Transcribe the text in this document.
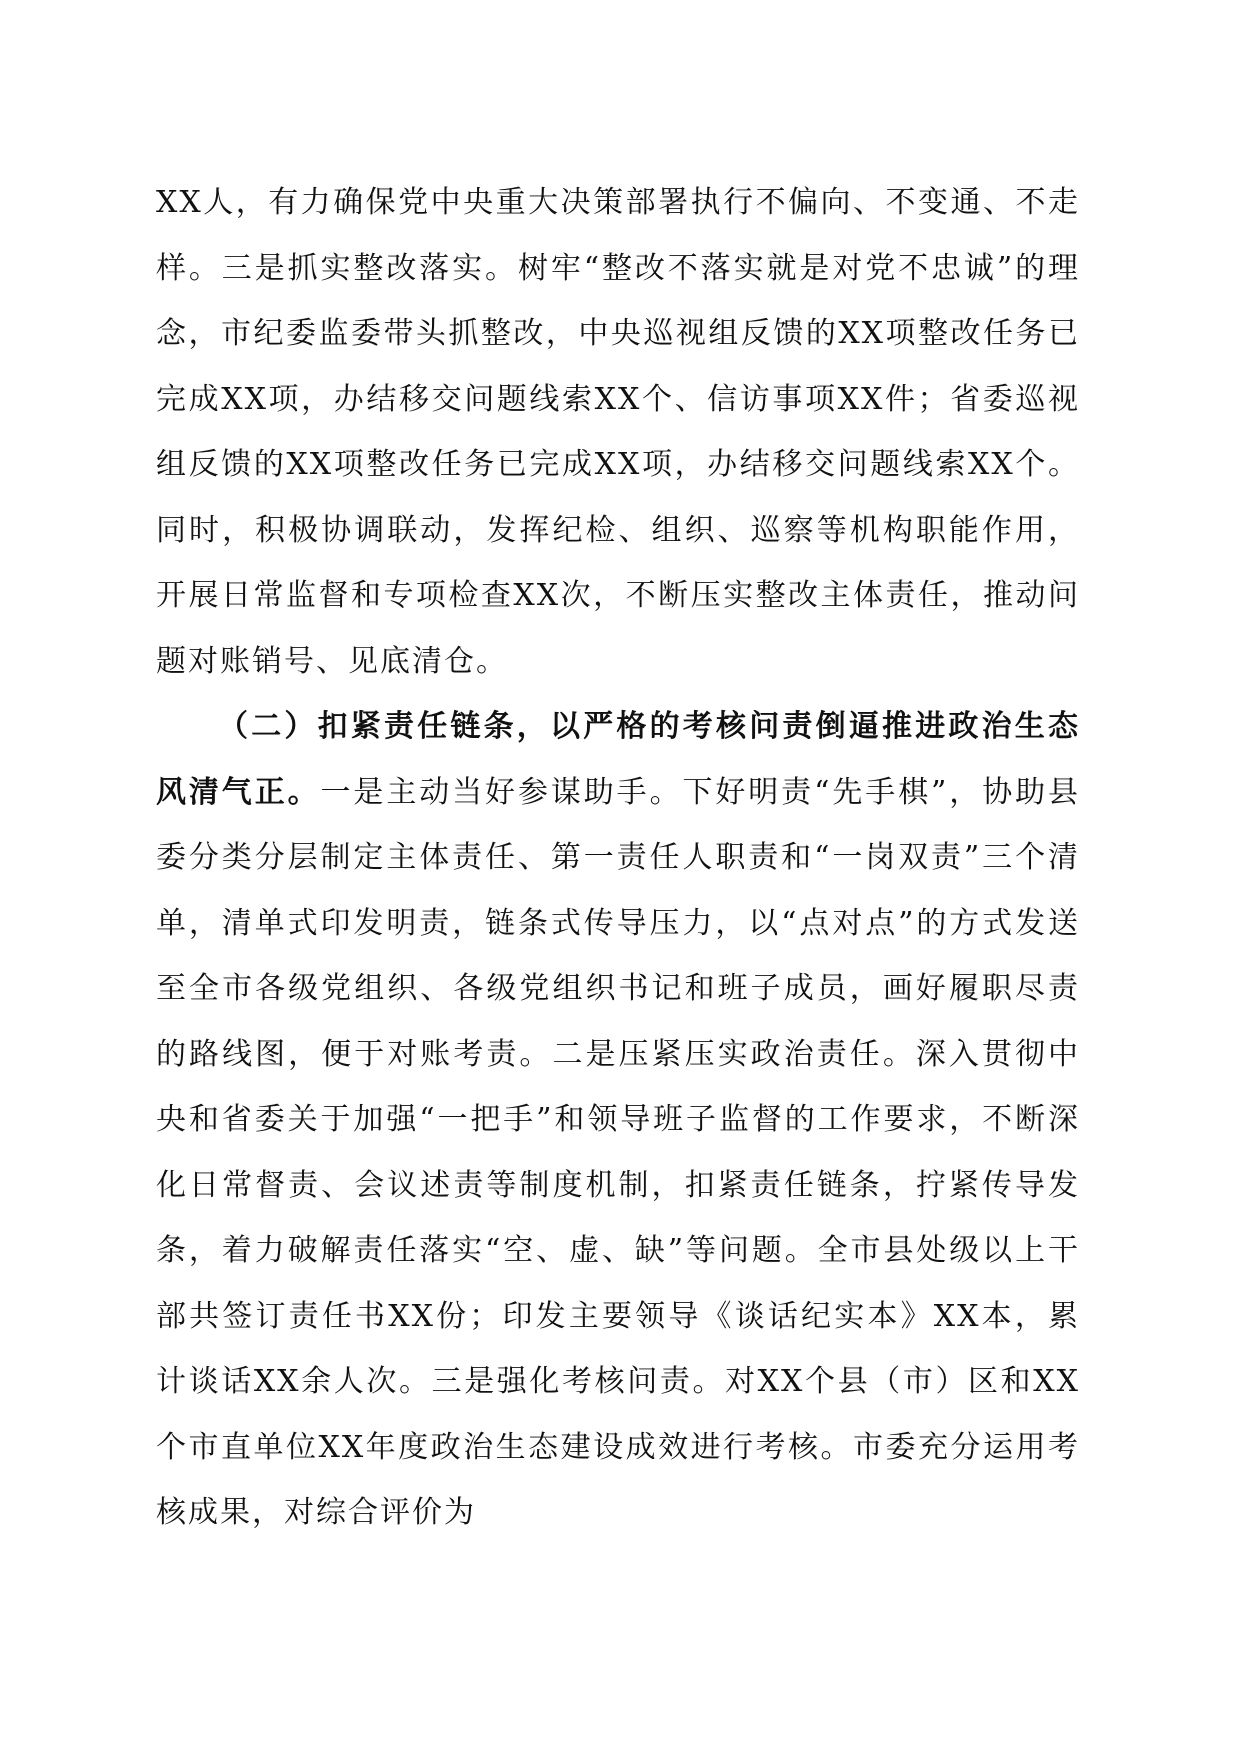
XX人，有力确保党中央重大决策部署执行不偏向、不变通、不走样。三是抓实整改落实。树牢“整改不落实就是对党不忠诚”的理念，市纪委监委带头抓整改，中央巡视组反馈的XX项整改任务已完成XX项，办结移交问题线索XX个、信访事项XX件；省委巡视组反馈的XX项整改任务已完成XX项，办结移交问题线索XX个。同时，积极协调联动，发挥纪检、组织、巡察等机构职能作用，开展日常监督和专项检查XX次，不断压实整改主体责任，推动问题对账销号、见底清仓。

（二）扣紧责任链条，以严格的考核问责倒逼推进政治生态风清气正。一是主动当好参谋助手。下好明责“先手棋”，协助县委分类分层制定主体责任、第一责任人职责和“一岗双责”三个清单，清单式印发明责，链条式传导压力，以“点对点”的方式发送至全市各级党组织、各级党组织书记和班子成员，画好履职尽责的路线图，便于对账考责。二是压紧压实政治责任。深入贯彻中央和省委关于加强“一把手”和领导班子监督的工作要求，不断深化日常督责、会议述责等制度机制，扣紧责任链条，拧紧传导发条，着力破解责任落实“空、虚、缺”等问题。全市县处级以上干部共签订责任书XX份；印发主要领导《谈话纪实本》XX本，累计谈话XX余人次。三是强化考核问责。对XX个县（市）区和XX个市直单位XX年度政治生态建设成效进行考核。市委充分运用考核成果，对综合评价为
